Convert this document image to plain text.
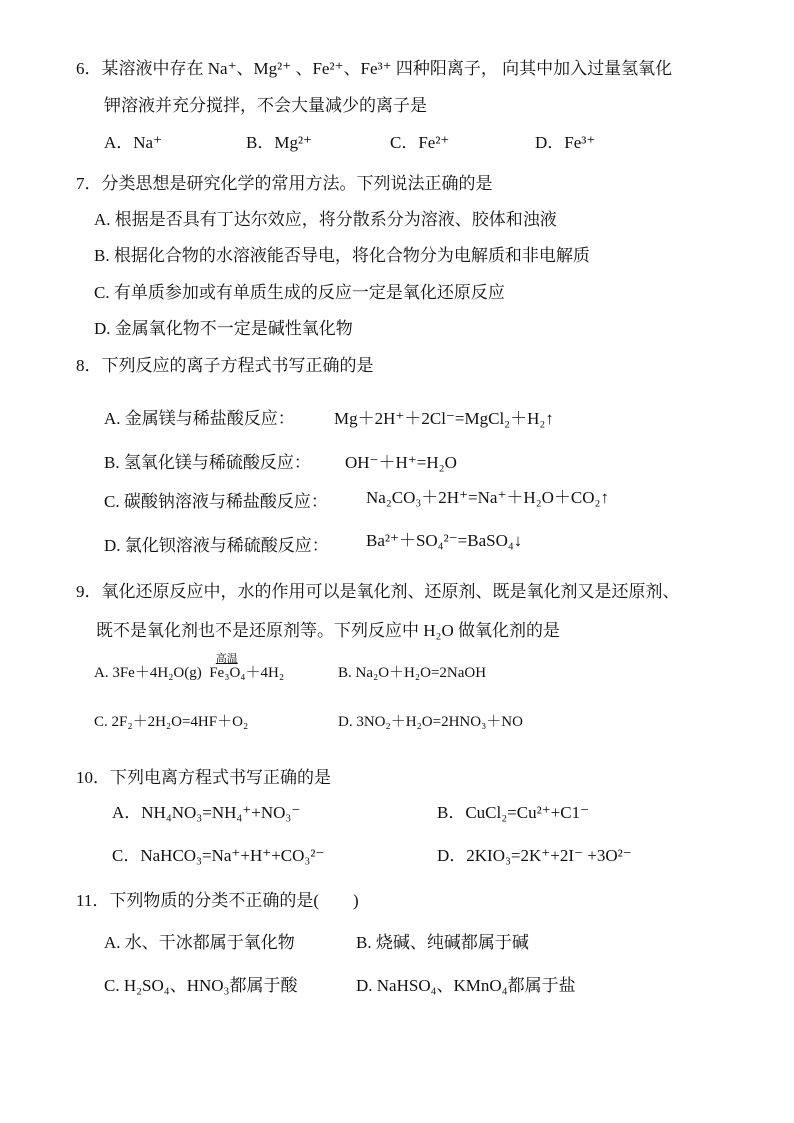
6．某溶液中存在 Na⁺、Mg²⁺ 、Fe²⁺、Fe³⁺ 四种阳离子， 向其中加入过量氢氧化
钾溶液并充分搅拌，不会大量减少的离子是
A．Na⁺	B．Mg²⁺	C．Fe²⁺	D．Fe³⁺
7．分类思想是研究化学的常用方法。下列说法正确的是
A. 根据是否具有丁达尔效应，将分散系分为溶液、胶体和浊液
B. 根据化合物的水溶液能否导电，将化合物分为电解质和非电解质
C. 有单质参加或有单质生成的反应一定是氧化还原反应
D. 金属氧化物不一定是碱性氧化物
8．下列反应的离子方程式书写正确的是
A. 金属镁与稀盐酸反应： Mg＋2H⁺＋2Cl⁻=MgCl₂＋H₂↑
B. 氢氧化镁与稀硫酸反应： OH⁻＋H⁺=H₂O
C. 碳酸钠溶液与稀盐酸反应： Na₂CO₃＋2H⁺=Na⁺＋H₂O＋CO₂↑
D. 氯化钡溶液与稀硫酸反应： Ba²⁺＋SO₄²⁻=BaSO₄↓
9．氧化还原反应中，水的作用可以是氧化剂、还原剂、既是氧化剂又是还原剂、
既不是氧化剂也不是还原剂等。下列反应中 H₂O 做氧化剂的是
A. 3Fe＋4H₂O(g)
高温
Fe₃O₄＋4H₂	B. Na₂O＋H₂O=2NaOH
C. 2F₂＋2H₂O=4HF＋O₂	D. 3NO₂＋H₂O=2HNO₃＋NO
10．下列电离方程式书写正确的是
A．NH₄NO₃=NH₄⁺+NO₃⁻	B．CuCl₂=Cu²⁺+C1⁻
C．NaHCO₃=Na⁺+H⁺+CO₃²⁻	D．2KIO₃=2K⁺+2I⁻ +3O²⁻
11．下列物质的分类不正确的是(　　)
A. 水、干冰都属于氧化物	B. 烧碱、纯碱都属于碱
C. H₂SO₄、HNO₃都属于酸	D. NaHSO₄、KMnO₄都属于盐
